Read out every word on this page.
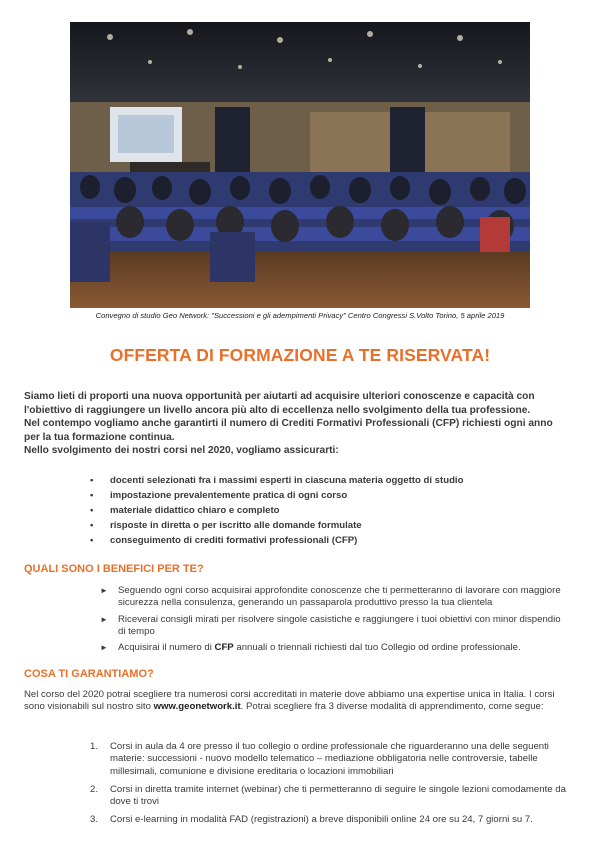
Convegno di studio Geo Network: "Successioni e gli adempimenti Privacy" Centro Congressi S.Volto Torino, 5 aprile 2019
OFFERTA DI FORMAZIONE A TE RISERVATA!

Siamo lieti di proporti una nuova opportunità per aiutarti ad acquisire ulteriori conoscenze e capacità con l'obiettivo di raggiungere un livello ancora più alto di eccellenza nello svolgimento della tua professione.

Nel contempo vogliamo anche garantirti il numero di Crediti Formativi Professionali (CFP) richiesti ogni anno per la tua formazione continua.

Nello svolgimento dei nostri corsi nel 2020, vogliamo assicurarti:

• docenti selezionati fra i massimi esperti in ciascuna materia oggetto di studio
• impostazione prevalentemente pratica di ogni corso
• materiale didattico chiaro e completo
• risposte in diretta o per iscritto alle domande formulate
• conseguimento di crediti formativi professionali (CFP)
QUALI SONO I BENEFICI PER TE?
► Seguendo ogni corso acquisirai approfondite conoscenze che ti permetteranno di lavorare con maggiore sicurezza nella consulenza, generando un passaparola produttivo presso la tua clientela
► Riceverai consigli mirati per risolvere singole casistiche e raggiungere i tuoi obiettivi con minor dispendio di tempo
► Acquisirai il numero di CFP annuali o triennali richiesti dal tuo Collegio od ordine professionale.
COSA TI GARANTIAMO?

Nel corso del 2020 potrai scegliere tra numerosi corsi accreditati in materie dove abbiamo una expertise unica in Italia. I corsi sono visionabili sul nostro sito www.geonetwork.it. Potrai scegliere fra 3 diverse modalità di apprendimento, come segue:

1. Corsi in aula da 4 ore presso il tuo collegio o ordine professionale che riguarderanno una delle seguenti materie: successioni - nuovo modello telematico – mediazione obbligatoria nelle controversie, tabelle millesimali, comunione e divisione ereditaria o locazioni immobiliari
2. Corsi in diretta tramite internet (webinar) che ti permetteranno di seguire le singole lezioni comodamente da dove ti trovi
3. Corsi e-learning in modalità FAD (registrazioni) a breve disponibili online 24 ore su 24, 7 giorni su 7.
